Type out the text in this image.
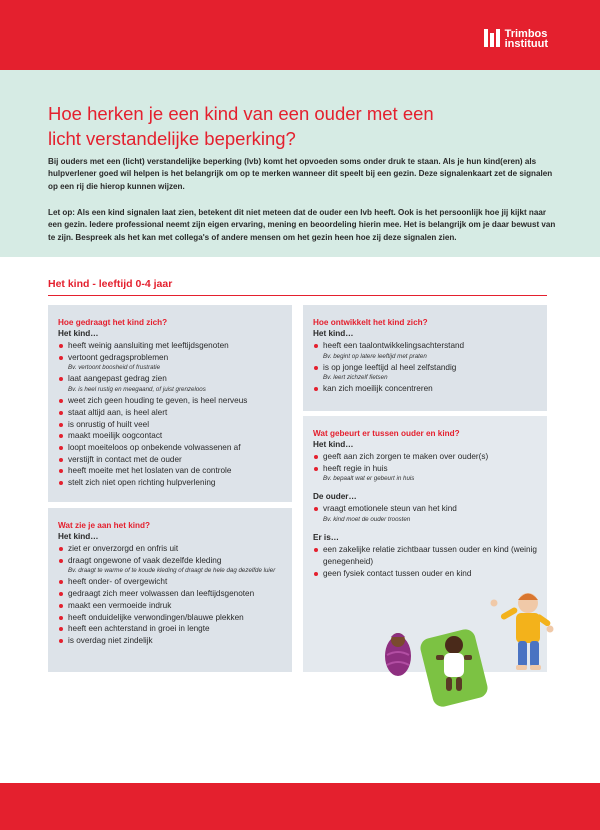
Trimbos
instituut
Hoe herken je een kind van een ouder met een
licht verstandelijke beperking?

Bij ouders met een (licht) verstandelijke beperking (lvb) komt het opvoeden soms onder druk te staan. Als je hun kind(eren) als hulpverlener goed wil helpen is het belangrijk om op te merken wanneer dit speelt bij een gezin. Deze signalenkaart zet de signalen op een rij die hierop kunnen wijzen.

Let op: Als een kind signalen laat zien, betekent dit niet meteen dat de ouder een lvb heeft. Ook is het persoonlijk hoe jij kijkt naar een gezin. Iedere professional neemt zijn eigen ervaring, mening en beoordeling hierin mee. Het is belangrijk om je daar bewust van te zijn. Bespreek als het kan met collega's of andere mensen om het gezin heen hoe zij deze signalen zien.

Het kind - leeftijd 0-4 jaar
Hoe gedraagt het kind zich?
Het kind…
heeft weinig aansluiting met leeftijdsgenoten
vertoont gedragsproblemen
Bv. vertoont boosheid of frustratie
laat aangepast gedrag zien
Bv. is heel rustig en meegaand, of juist grenzeloos
weet zich geen houding te geven, is heel nerveus
staat altijd aan, is heel alert
is onrustig of huilt veel
maakt moeilijk oogcontact
loopt moeiteloos op onbekende volwassenen af
verstijft in contact met de ouder
heeft moeite met het loslaten van de controle
stelt zich niet open richting hulpverlening
Wat zie je aan het kind?
Het kind…
ziet er onverzorgd en onfris uit
draagt ongewone of vaak dezelfde kleding
Bv. draagt te warme of te koude kleding of draagt de hele dag dezelfde luier
heeft onder- of overgewicht
gedraagt zich meer volwassen dan leeftijdsgenoten
maakt een vermoeide indruk
heeft onduidelijke verwondingen/blauwe plekken
heeft een achterstand in groei in lengte
is overdag niet zindelijk
Hoe ontwikkelt het kind zich?
Het kind…
heeft een taalontwikkelingsachterstand
Bv. begint op latere leeftijd met praten
is op jonge leeftijd al heel zelfstandig
Bv. leert zichzelf fietsen
kan zich moeilijk concentreren
Wat gebeurt er tussen ouder en kind?
Het kind…
geeft aan zich zorgen te maken over ouder(s)
heeft regie in huis
Bv. bepaalt wat er gebeurt in huis
De ouder…
vraagt emotionele steun van het kind
Bv. kind moet de ouder troosten
Er is…
een zakelijke relatie zichtbaar tussen ouder en kind (weinig genegenheid)
geen fysiek contact tussen ouder en kind
